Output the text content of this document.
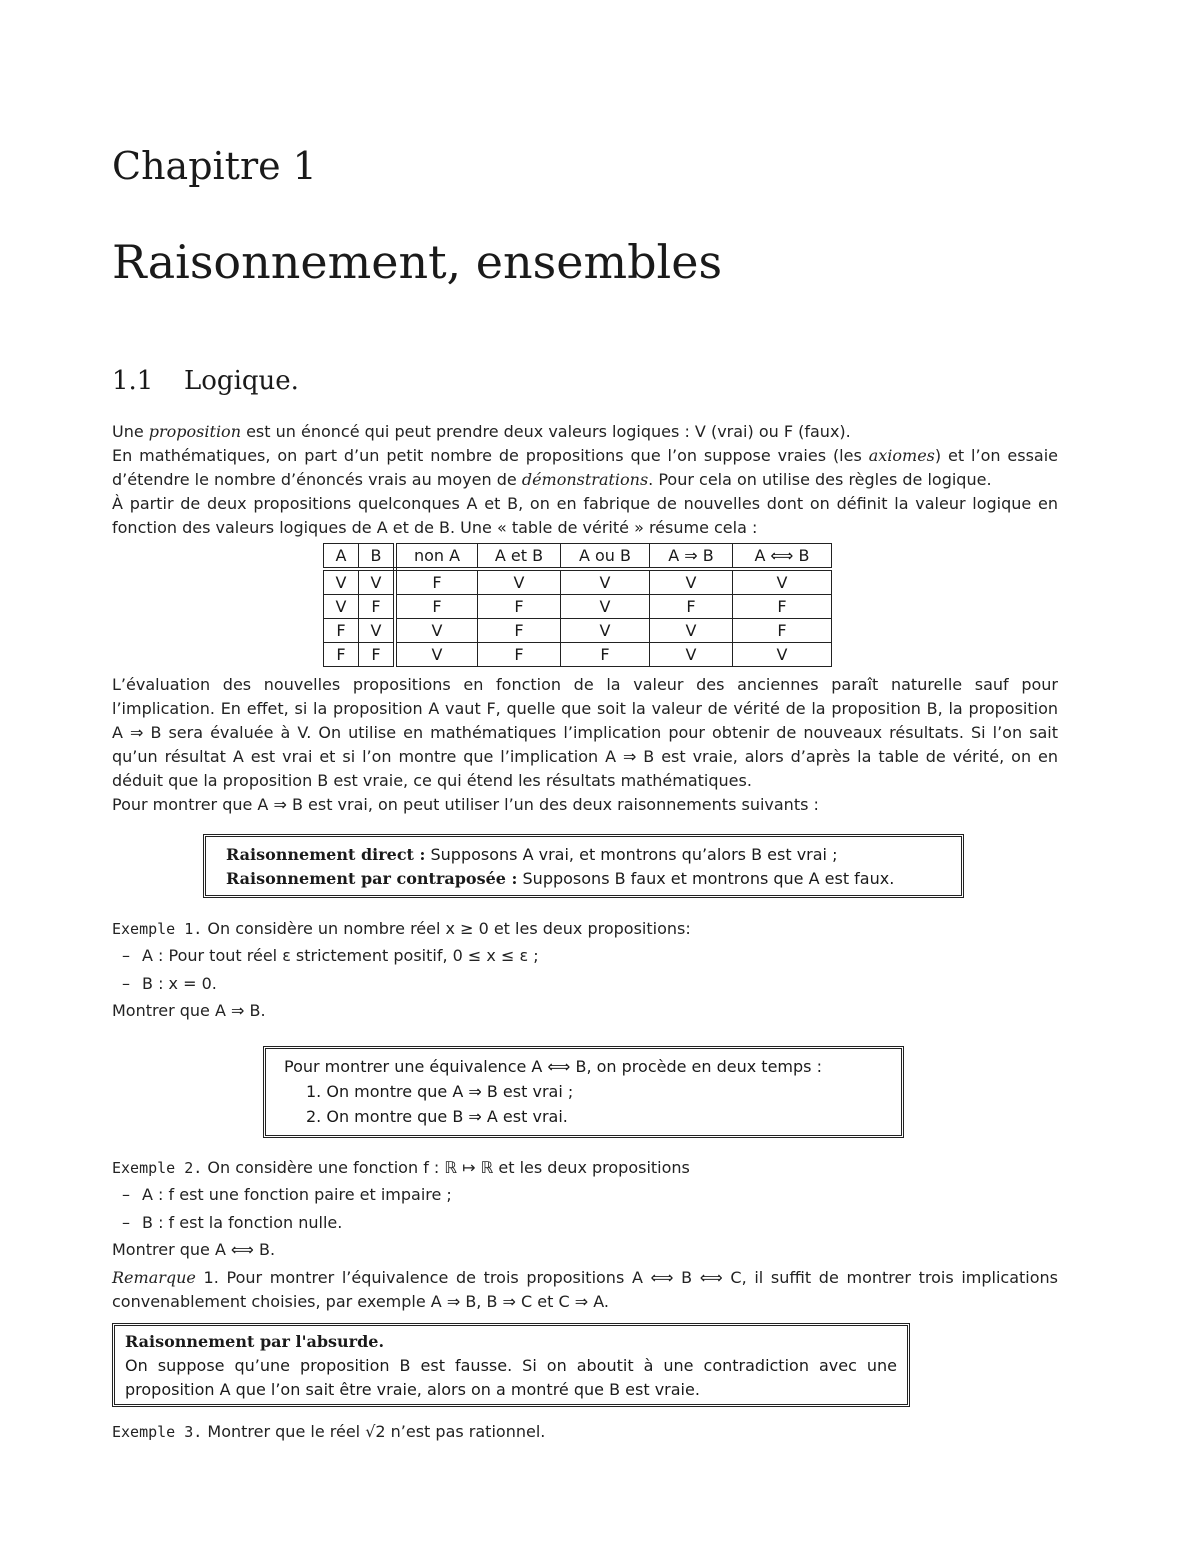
Chapitre 1
Raisonnement, ensembles
1.1 Logique.

Une proposition est un énoncé qui peut prendre deux valeurs logiques : V (vrai) ou F (faux).

En mathématiques, on part d’un petit nombre de propositions que l’on suppose vraies (les axiomes) et l’on essaie d’étendre le nombre d’énoncés vrais au moyen de démonstrations. Pour cela on utilise des règles de logique.

À partir de deux propositions quelconques A et B, on en fabrique de nouvelles dont on définit la valeur logique en fonction des valeurs logiques de A et de B. Une « table de vérité » résume cela :

A	B	non A	A et B	A ou B	A ⇒ B	A ⟺ B
V	V	F	V	V	V	V
V	F	F	F	V	F	F
F	V	V	F	V	V	F
F	F	V	F	F	V	V

L’évaluation des nouvelles propositions en fonction de la valeur des anciennes paraît naturelle sauf pour l’implication. En effet, si la proposition A vaut F, quelle que soit la valeur de vérité de la proposition B, la proposition A ⇒ B sera évaluée à V. On utilise en mathématiques l’implication pour obtenir de nouveaux résultats. Si l’on sait qu’un résultat A est vrai et si l’on montre que l’implication A ⇒ B est vraie, alors d’après la table de vérité, on en déduit que la proposition B est vraie, ce qui étend les résultats mathématiques.

Pour montrer que A ⇒ B est vrai, on peut utiliser l’un des deux raisonnements suivants :

Raisonnement direct : Supposons A vrai, et montrons qu’alors B est vrai ;
Raisonnement par contraposée : Supposons B faux et montrons que A est faux.
Exemple 1. On considère un nombre réel x ≥ 0 et les deux propositions:
– A : Pour tout réel ε strictement positif, 0 ≤ x ≤ ε ;
– B : x = 0.
Montrer que A ⇒ B.
Pour montrer une équivalence A ⟺ B, on procède en deux temps :
1. On montre que A ⇒ B est vrai ;
2. On montre que B ⇒ A est vrai.
Exemple 2. On considère une fonction f : ℝ ↦ ℝ et les deux propositions
– A : f est une fonction paire et impaire ;
– B : f est la fonction nulle.
Montrer que A ⟺ B.

Remarque 1. Pour montrer l’équivalence de trois propositions A ⟺ B ⟺ C, il suffit de montrer trois implications convenablement choisies, par exemple A ⇒ B, B ⇒ C et C ⇒ A.

Raisonnement par l'absurde.
On suppose qu’une proposition B est fausse. Si on aboutit à une contradiction avec une proposition A que l’on sait être vraie, alors on a montré que B est vraie.
Exemple 3. Montrer que le réel √2 n’est pas rationnel.
